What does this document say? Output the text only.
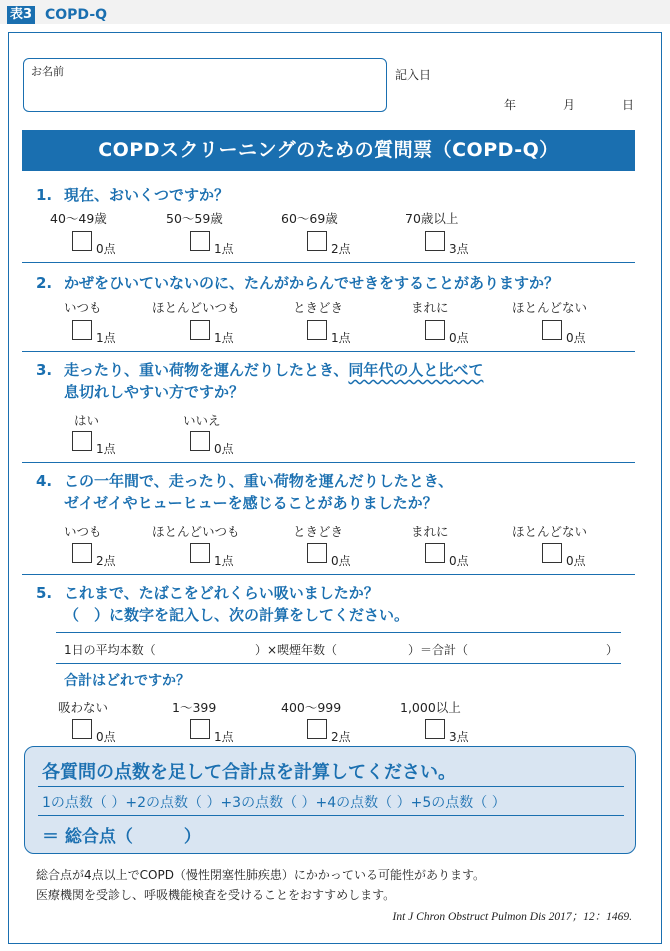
表3 COPD-Q
お名前	記入日
年	月	日
COPDスクリーニングのための質問票（COPD-Q）
1. 現在、おいくつですか？
40～49歳	50～59歳	60～69歳	70歳以上
0点	1点	2点	3点
2. かぜをひいていないのに、たんがからんでせきをすることがありますか？
いつも	ほとんどいつも	ときどき	まれに	ほとんどない
1点	1点	1点	0点	0点
3. 走ったり、重い荷物を運んだりしたとき、同年代の人と比べて
息切れしやすい方ですか？
はい	いいえ
1点	0点
4. この一年間で、走ったり、重い荷物を運んだりしたとき、
ゼイゼイやヒューヒューを感じることがありましたか？
いつも	ほとんどいつも	ときどき	まれに	ほとんどない
2点	1点	0点	0点	0点
5. これまで、たばこをどれくらい吸いましたか？
（　）に数字を記入し、次の計算をしてください。
1日の平均本数（	）×喫煙年数（	）＝合計（	）
合計はどれですか？
吸わない	1～399	400～999	1,000以上
0点	1点	2点	3点
各質問の点数を足して合計点を計算してください。
1の点数（ ）+2の点数（ ）+3の点数（ ）+4の点数（ ）+5の点数（ ）
＝ 総合点（　　　）
総合点が4点以上でCOPD（慢性閉塞性肺疾患）にかかっている可能性があります。
医療機関を受診し、呼吸機能検査を受けることをおすすめします。
Int J Chron Obstruct Pulmon Dis 2017；12：1469.
